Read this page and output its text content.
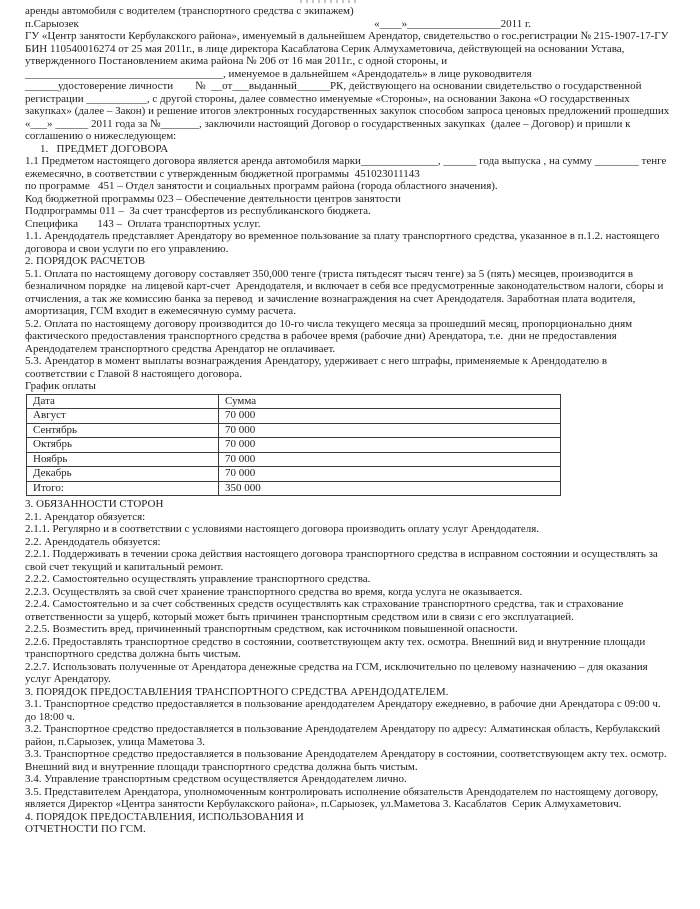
аренды автомобиля с водителем (транспортного средства с экипажем)
п.Сарыозек	«____»_________________2011 г.
ГУ «Центр занятости Кербулакского района», именуемый в дальнейшем Арендатор, свидетельство о гос.регистрации № 215-1907-17-ГУ БИН 110540016274 от 25 мая 2011г., в лице директора Касаблатова Серик Алмухаметовича, действующей на основании Устава, утвержденного Постановлением акима района № 206 от 16 мая 2011г., с одной стороны, и
____________________________________, именуемое в дальнейшем «Арендодатель» в лице руководвителя
______удостоверение личности        №  __от___выданный______РК, действующего на основании свидетельство о государственной регистрации ___________, с другой стороны, далее совместно именуемые «Стороны», на основании Закона «О государственных закупках» (далее – Закон) и решение итогов электронных государственных закупок способом запроса ценовых предложений прошедших «___» ______ 2011 года за №_______, заключили настоящий Договор о государственных закупках  (далее – Договор) и пришли к соглашению о нижеследующем:
1.   ПРЕДМЕТ ДОГОВОРА
1.1 Предметом настоящего договора является аренда автомобиля марки______________, ______ года выпуска , на сумму ________ тенге ежемесячно, в соответствии с утвержденным бюджетной программы  451023011143
по программе   451 – Отдел занятости и социальных программ района (города областного значения).
Код бюджетной программы 023 – Обеспечение деятельности центров занятости
Подпрограммы 011 –  За счет трансфертов из республиканского бюджета.
Специфика       143 –  Оплата транспортных услуг.
1.1. Арендодатель представляет Арендатору во временное пользование за плату транспортного средства, указанное в п.1.2. настоящего договора и свои услуги по его управлению.
2. ПОРЯДОК РАСЧЕТОВ
5.1. Оплата по настоящему договору составляет 350,000 тенге (триста пятьдесят тысяч тенге) за 5 (пять) месяцев, производится в безналичном порядке  на лицевой карт-счет  Арендодателя, и включает в себя все предусмотренные законодательством налоги, сборы и отчисления, а так же комиссию банка за перевод  и зачисление вознаграждения на счет Арендодателя. Заработная плата водителя, амортизация, ГСМ входит в ежемесячную сумму расчета.
5.2. Оплата по настоящему договору производится до 10-го числа текущего месяца за прошедший месяц, пропорционально дням фактического предоставления транспортного средства в рабочее время (рабочие дни) Арендатора, т.е.  дни не предоставления Арендодателем транспортного средства Арендатор не оплачивает.
5.3. Арендатор в момент выплаты вознаграждения Арендатору, удерживает с него штрафы, применяемые к Арендодателю в соответствии с Главой 8 настоящего договора.
График оплаты
Дата	Сумма
Август	70 000
Сентябрь	70 000
Октябрь	70 000
Ноябрь	70 000
Декабрь	70 000
Итого:	350 000
3. ОБЯЗАННОСТИ СТОРОН
2.1. Арендатор обязуется:
2.1.1. Регулярно и в соответствии с условиями настоящего договора производить оплату услуг Арендодателя.
2.2. Арендодатель обязуется:
2.2.1. Поддерживать в течении срока действия настоящего договора транспортного средства в исправном состоянии и осуществлять за свой счет текущий и капитальный ремонт.
2.2.2. Самостоятельно осуществлять управление транспортного средства.
2.2.3. Осуществлять за свой счет хранение транспортного средства во время, когда услуга не оказывается.
2.2.4. Самостоятельно и за счет собственных средств осуществлять как страхование транспортного средства, так и страхование ответственности за ущерб, который может быть причинен транспортным средством или в связи с его эксплуатацией.
2.2.5. Возместить вред, причиненный транспортным средством, как источником повышенной опасности.
2.2.6. Предоставлять транспортное средство в состоянии, соответствующем акту тех. осмотра. Внешний вид и внутренние площади транспортного средства должна быть чистым.
2.2.7. Использовать полученные от Арендатора денежные средства на ГСМ, исключительно по целевому назначению – для оказания услуг Арендатору.
3. ПОРЯДОК ПРЕДОСТАВЛЕНИЯ ТРАНСПОРТНОГО СРЕДСТВА АРЕНДОДАТЕЛЕМ.
3.1. Транспортное средство предоставляется в пользование арендодателем Арендатору ежедневно, в рабочие дни Арендатора с 09:00 ч. до 18:00 ч.
3.2. Транспортное средство предоставляется в пользование Арендодателем Арендатору по адресу: Алматинская область, Кербулакский район, п.Сарыозек, улица Маметова 3.
3.3. Транспортное средство предоставляется в пользование Арендодателем Арендатору в состоянии, соответствующем акту тех. осмотр. Внешний вид и внутренние площади транспортного средства должна быть чистым.
3.4. Управление транспортным средством осуществляется Арендодателем лично.
3.5. Представителем Арендатора, уполномоченным контролировать исполнение обязательств Арендодателем по настоящему договору, является Директор «Центра занятости Кербулакского района», п.Сарыозек, ул.Маметова 3. Касаблатов  Серик Алмухаметович.
4. ПОРЯДОК ПРЕДОСТАВЛЕНИЯ, ИСПОЛЬЗОВАНИЯ И
ОТЧЕТНОСТИ ПО ГСМ.
